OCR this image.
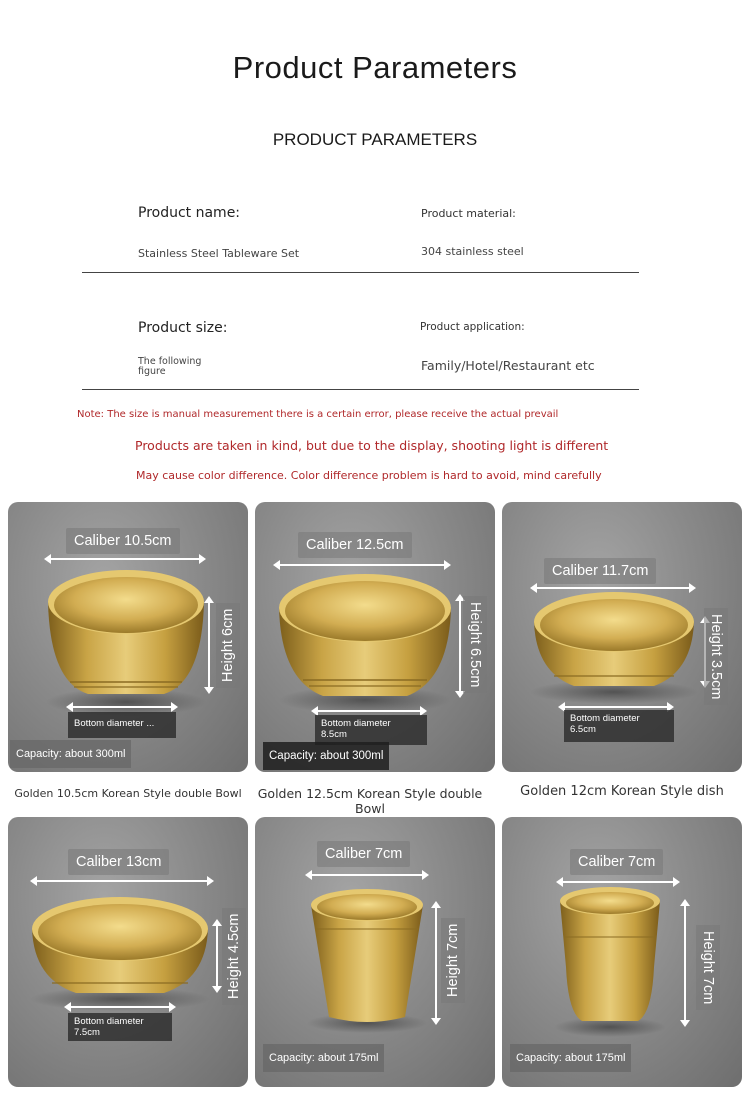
Product Parameters
PRODUCT PARAMETERS
Product name:
Stainless Steel Tableware Set
Product material:
304 stainless steel
Product size:
The following
figure
Product application:
Family/Hotel/Restaurant etc
Note: The size is manual measurement there is a certain error, please receive the actual prevail
Products are taken in kind, but due to the display, shooting light is different
May cause color difference. Color difference problem is hard to avoid, mind carefully
Caliber 10.5cm
Height 6cm
Bottom diameter ...
Capacity: about 300ml
Golden 10.5cm Korean Style double Bowl
Caliber 12.5cm
Height 6.5cm
Bottom diameter
8.5cm
Capacity: about 300ml
Golden 12.5cm Korean Style double Bowl
Caliber 11.7cm
Height 3.5cm
Bottom diameter
6.5cm
Golden 12cm Korean Style dish
Caliber 13cm
Height 4.5cm
Bottom diameter
7.5cm
Caliber 7cm
Height 7cm
Capacity: about 175ml
Caliber 7cm
Height 7cm
Capacity: about 175ml
